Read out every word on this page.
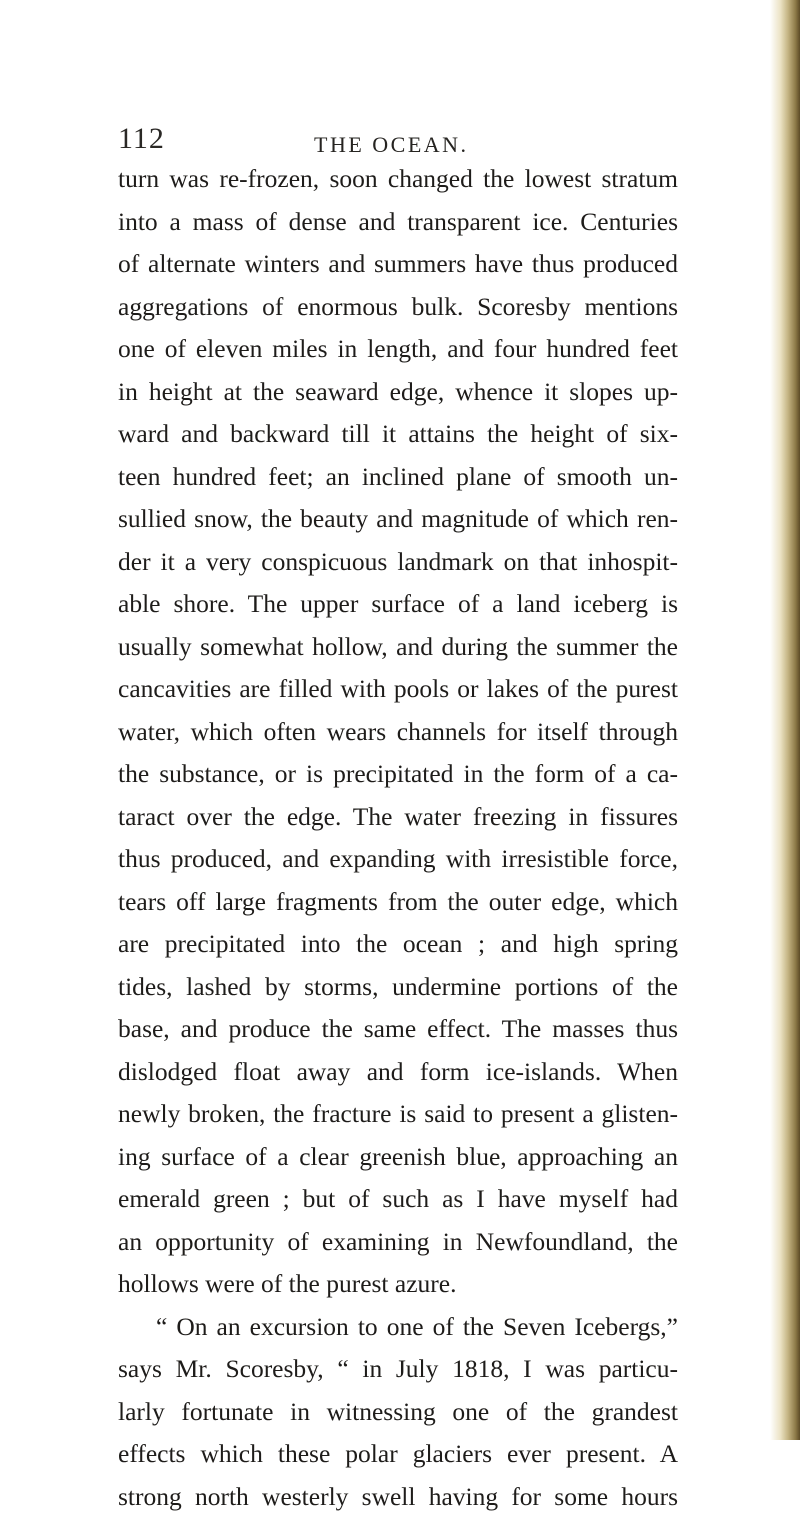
112	THE OCEAN.
turn was re-frozen, soon changed the lowest stratum
into a mass of dense and transparent ice. Centuries
of alternate winters and summers have thus produced
aggregations of enormous bulk. Scoresby mentions
one of eleven miles in length, and four hundred feet
in height at the seaward edge, whence it slopes up-
ward and backward till it attains the height of six-
teen hundred feet; an inclined plane of smooth un-
sullied snow, the beauty and magnitude of which ren-
der it a very conspicuous landmark on that inhospit-
able shore. The upper surface of a land iceberg is
usually somewhat hollow, and during the summer the
cancavities are filled with pools or lakes of the purest
water, which often wears channels for itself through
the substance, or is precipitated in the form of a ca-
taract over the edge. The water freezing in fissures
thus produced, and expanding with irresistible force,
tears off large fragments from the outer edge, which
are precipitated into the ocean ; and high spring
tides, lashed by storms, undermine portions of the
base, and produce the same effect. The masses thus
dislodged float away and form ice-islands. When
newly broken, the fracture is said to present a glisten-
ing surface of a clear greenish blue, approaching an
emerald green ; but of such as I have myself had
an opportunity of examining in Newfoundland, the
hollows were of the purest azure.
“ On an excursion to one of the Seven Icebergs,”
says Mr. Scoresby, “ in July 1818, I was particu-
larly fortunate in witnessing one of the grandest
effects which these polar glaciers ever present. A
strong north westerly swell having for some hours
